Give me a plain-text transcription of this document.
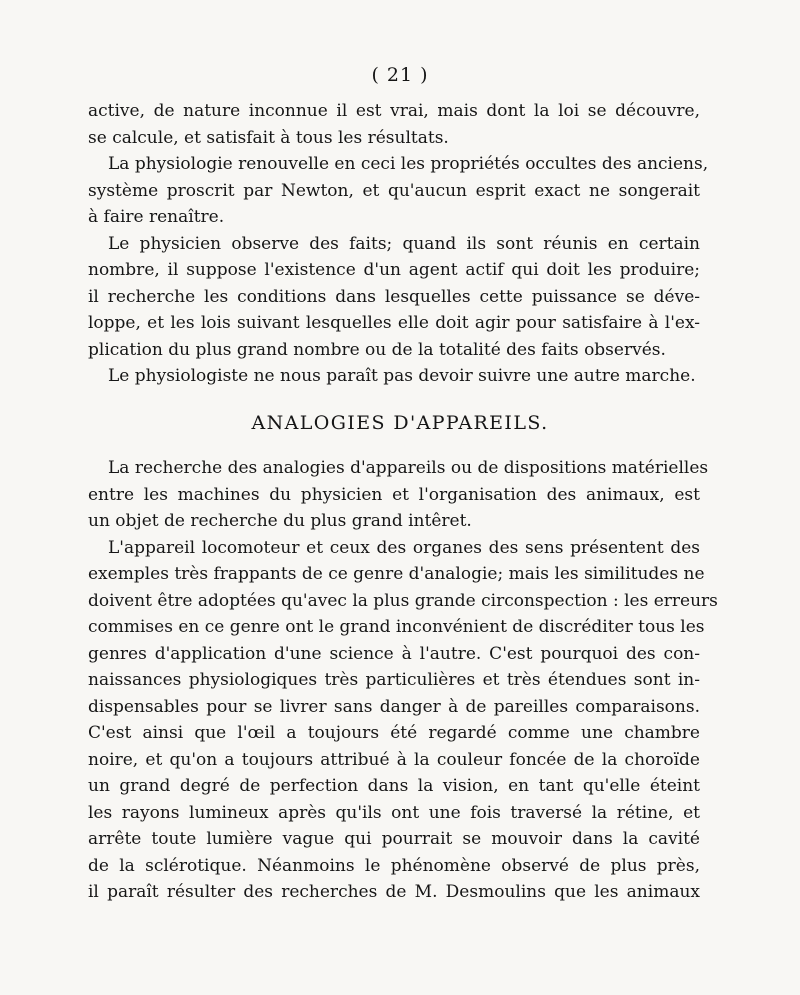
( 21 )
active, de nature inconnue il est vrai, mais dont la loi se découvre,
se calcule, et satisfait à tous les résultats.
La physiologie renouvelle en ceci les propriétés occultes des anciens,
système proscrit par Newton, et qu'aucun esprit exact ne songerait
à faire renaître.
Le physicien observe des faits; quand ils sont réunis en certain
nombre, il suppose l'existence d'un agent actif qui doit les produire;
il recherche les conditions dans lesquelles cette puissance se déve-
loppe, et les lois suivant lesquelles elle doit agir pour satisfaire à l'ex-
plication du plus grand nombre ou de la totalité des faits observés.
Le physiologiste ne nous paraît pas devoir suivre une autre marche.
ANALOGIES D'APPAREILS.
La recherche des analogies d'appareils ou de dispositions matérielles
entre les machines du physicien et l'organisation des animaux, est
un objet de recherche du plus grand intêret.
L'appareil locomoteur et ceux des organes des sens présentent des
exemples très frappants de ce genre d'analogie; mais les similitudes ne
doivent être adoptées qu'avec la plus grande circonspection : les erreurs
commises en ce genre ont le grand inconvénient de discréditer tous les
genres d'application d'une science à l'autre. C'est pourquoi des con-
naissances physiologiques très particulières et très étendues sont in-
dispensables pour se livrer sans danger à de pareilles comparaisons.
C'est ainsi que l'œil a toujours été regardé comme une chambre
noire, et qu'on a toujours attribué à la couleur foncée de la choroïde
un grand degré de perfection dans la vision, en tant qu'elle éteint
les rayons lumineux après qu'ils ont une fois traversé la rétine, et
arrête toute lumière vague qui pourrait se mouvoir dans la cavité
de la sclérotique. Néanmoins le phénomène observé de plus près,
il paraît résulter des recherches de M. Desmoulins que les animaux
